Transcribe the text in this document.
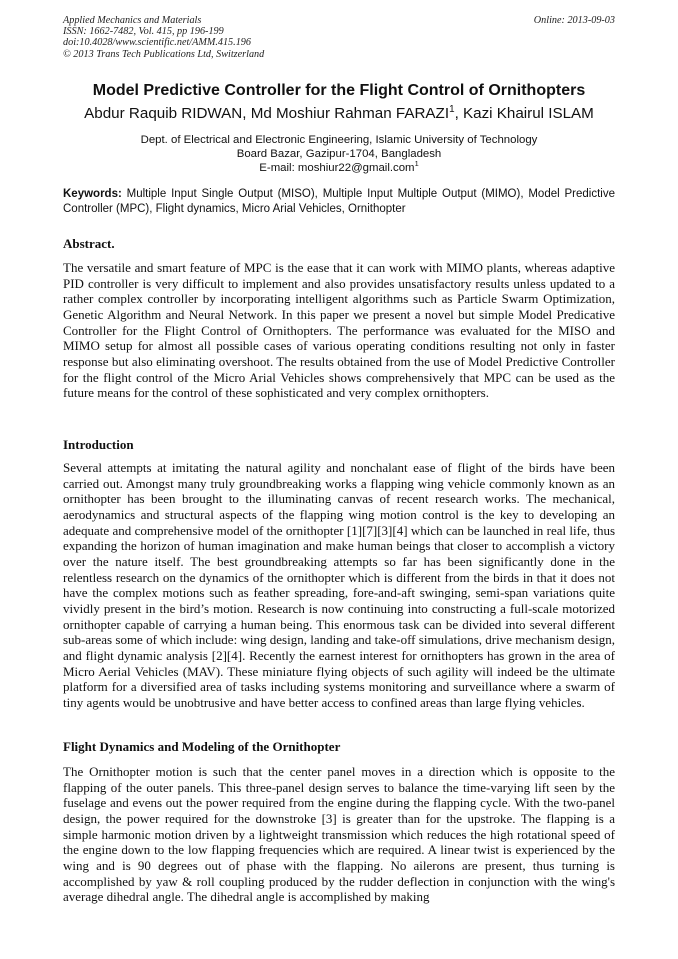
Applied Mechanics and Materials
ISSN: 1662-7482, Vol. 415, pp 196-199
doi:10.4028/www.scientific.net/AMM.415.196
© 2013 Trans Tech Publications Ltd, Switzerland
Online: 2013-09-03
Model Predictive Controller for the Flight Control of Ornithopters
Abdur Raquib RIDWAN, Md Moshiur Rahman FARAZI$^1$, Kazi Khairul ISLAM
Dept. of Electrical and Electronic Engineering, Islamic University of Technology
Board Bazar, Gazipur-1704, Bangladesh
E-mail: moshiur22@gmail.com$^1$
Keywords: Multiple Input Single Output (MISO), Multiple Input Multiple Output (MIMO), Model Predictive Controller (MPC), Flight dynamics, Micro Arial Vehicles, Ornithopter
Abstract.
The versatile and smart feature of MPC is the ease that it can work with MIMO plants, whereas adaptive PID controller is very difficult to implement and also provides unsatisfactory results unless updated to a rather complex controller by incorporating intelligent algorithms such as Particle Swarm Optimization, Genetic Algorithm and Neural Network. In this paper we present a novel but simple Model Predicative Controller for the Flight Control of Ornithopters. The performance was evaluated for the MISO and MIMO setup for almost all possible cases of various operating conditions resulting not only in faster response but also eliminating overshoot. The results obtained from the use of Model Predictive Controller for the flight control of the Micro Arial Vehicles shows comprehensively that MPC can be used as the future means for the control of these sophisticated and very complex ornithopters.
Introduction
Several attempts at imitating the natural agility and nonchalant ease of flight of the birds have been carried out. Amongst many truly groundbreaking works a flapping wing vehicle commonly known as an ornithopter has been brought to the illuminating canvas of recent research works. The mechanical, aerodynamics and structural aspects of the flapping wing motion control is the key to developing an adequate and comprehensive model of the ornithopter [1][7][3][4] which can be launched in real life, thus expanding the horizon of human imagination and make human beings that closer to accomplish a victory over the nature itself. The best groundbreaking attempts so far has been significantly done in the relentless research on the dynamics of the ornithopter which is different from the birds in that it does not have the complex motions such as feather spreading, fore-and-aft swinging, semi-span variations quite vividly present in the bird’s motion. Research is now continuing into constructing a full-scale motorized ornithopter capable of carrying a human being. This enormous task can be divided into several different sub-areas some of which include: wing design, landing and take-off simulations, drive mechanism design, and flight dynamic analysis [2][4]. Recently the earnest interest for ornithopters has grown in the area of Micro Aerial Vehicles (MAV). These miniature flying objects of such agility will indeed be the ultimate platform for a diversified area of tasks including systems monitoring and surveillance where a swarm of tiny agents would be unobtrusive and have better access to confined areas than large flying vehicles.
Flight Dynamics and Modeling of the Ornithopter
The Ornithopter motion is such that the center panel moves in a direction which is opposite to the flapping of the outer panels. This three-panel design serves to balance the time-varying lift seen by the fuselage and evens out the power required from the engine during the flapping cycle. With the two-panel design, the power required for the downstroke [3] is greater than for the upstroke. The flapping is a simple harmonic motion driven by a lightweight transmission which reduces the high rotational speed of the engine down to the low flapping frequencies which are required. A linear twist is experienced by the wing and is 90 degrees out of phase with the flapping. No ailerons are present, thus turning is accomplished by yaw & roll coupling produced by the rudder deflection in conjunction with the wing's average dihedral angle. The dihedral angle is accomplished by making
